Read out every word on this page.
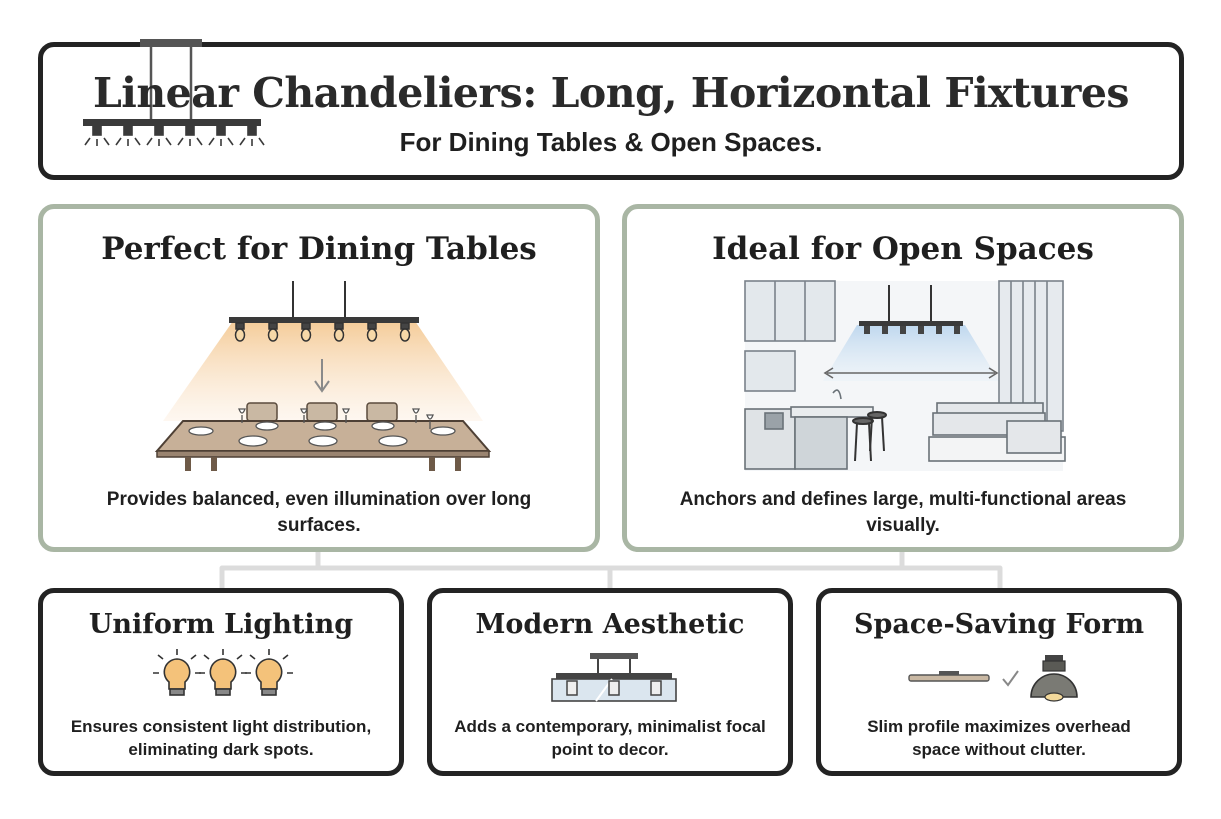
Linear Chandeliers: Long, Horizontal Fixtures
For Dining Tables & Open Spaces.
Perfect for Dining Tables
Provides balanced, even illumination over long surfaces.
Ideal for Open Spaces
Anchors and defines large, multi-functional areas visually.
Uniform Lighting
Ensures consistent light distribution, eliminating dark spots.
Modern Aesthetic
Adds a contemporary, minimalist focal point to decor.
Space-Saving Form
Slim profile maximizes overhead space without clutter.
